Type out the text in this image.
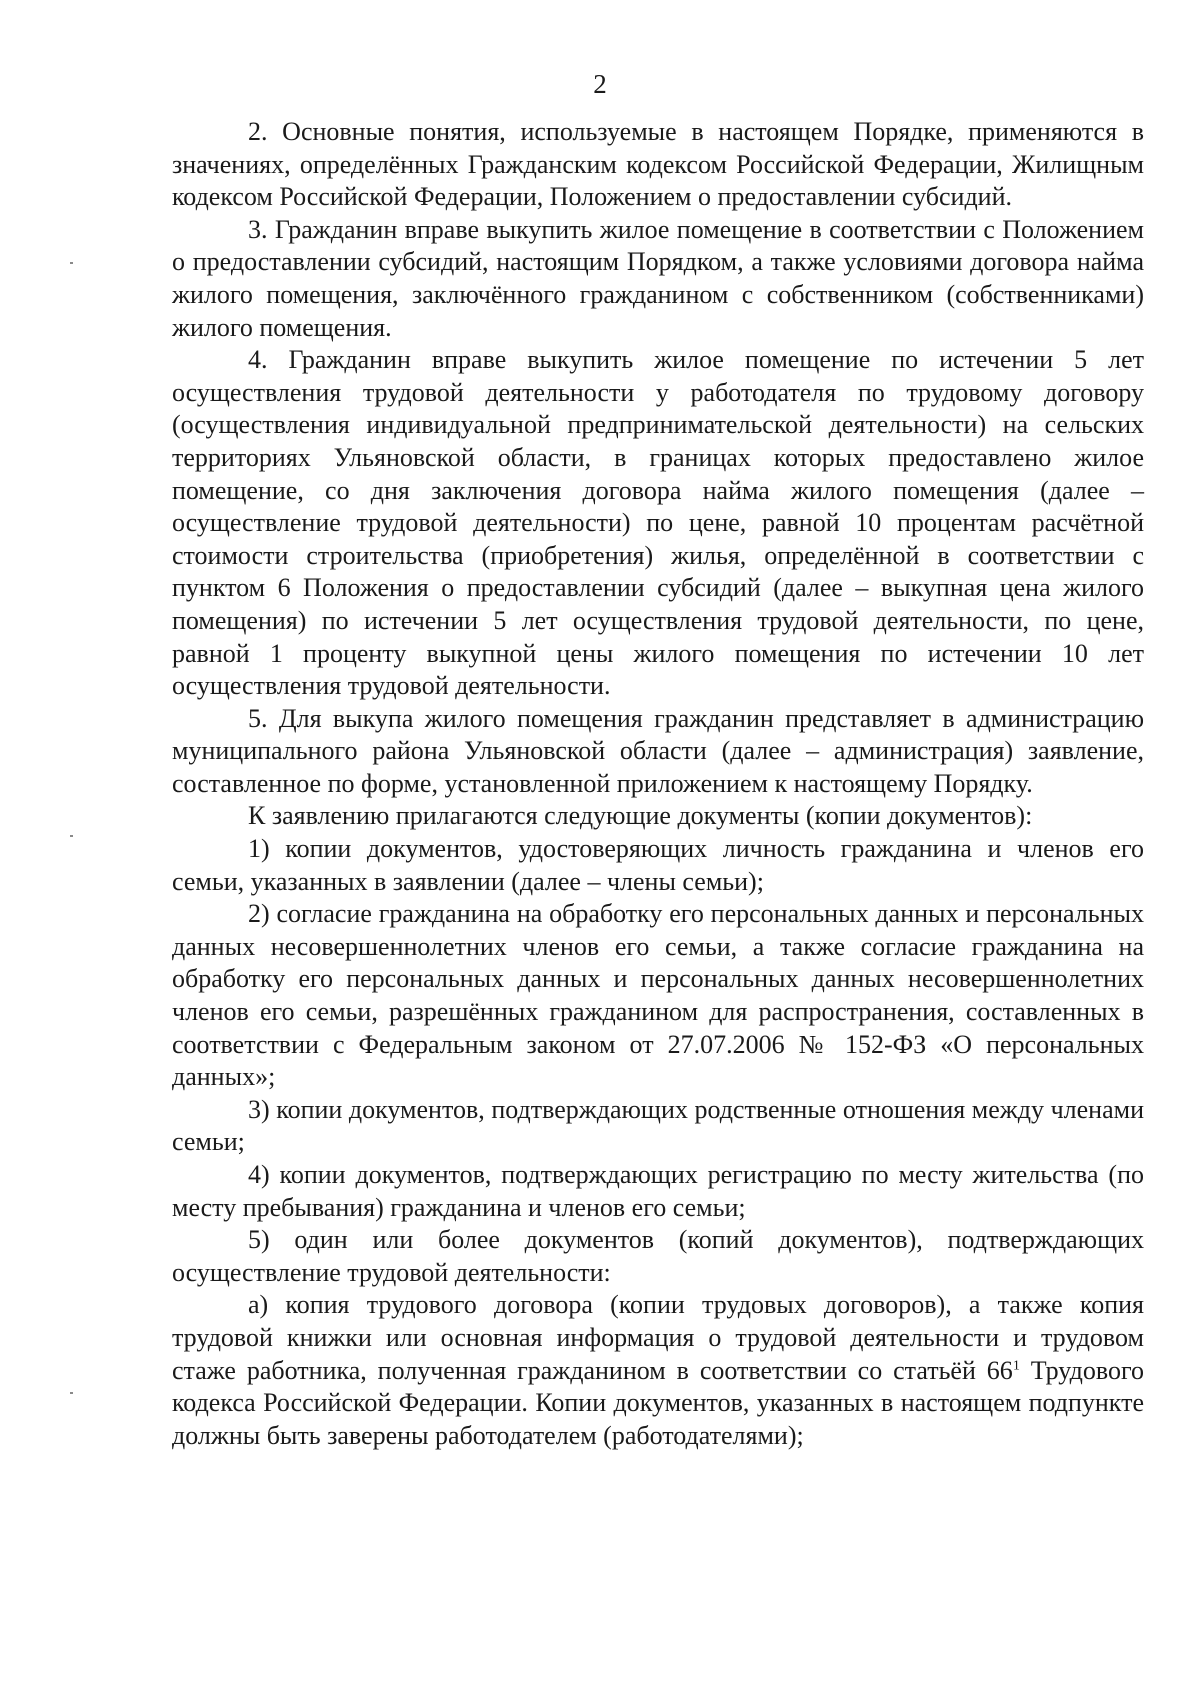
2

2. Основные понятия, используемые в настоящем Порядке, применяются в значениях, определённых Гражданским кодексом Российской Федерации, Жилищным кодексом Российской Федерации, Положением о предоставлении субсидий.

3. Гражданин вправе выкупить жилое помещение в соответствии с Положением о предоставлении субсидий, настоящим Порядком, а также условиями договора найма жилого помещения, заключённого гражданином с собственником (собственниками) жилого помещения.

4. Гражданин вправе выкупить жилое помещение по истечении 5 лет осуществления трудовой деятельности у работодателя по трудовому договору (осуществления индивидуальной предпринимательской деятельности) на сельских территориях Ульяновской области, в границах которых предоставлено жилое помещение, со дня заключения договора найма жилого помещения (далее – осуществление трудовой деятельности) по цене, равной 10 процентам расчётной стоимости строительства (приобретения) жилья, определённой в соответствии с пунктом 6 Положения о предоставлении субсидий (далее – выкупная цена жилого помещения) по истечении 5 лет осуществления трудовой деятельности, по цене, равной 1 проценту выкупной цены жилого помещения по истечении 10 лет осуществления трудовой деятельности.

5. Для выкупа жилого помещения гражданин представляет в администрацию муниципального района Ульяновской области (далее – администрация) заявление, составленное по форме, установленной приложением к настоящему Порядку.

К заявлению прилагаются следующие документы (копии документов):

1) копии документов, удостоверяющих личность гражданина и членов его семьи, указанных в заявлении (далее – члены семьи);

2) согласие гражданина на обработку его персональных данных и персональных данных несовершеннолетних членов его семьи, а также согласие гражданина на обработку его персональных данных и персональных данных несовершеннолетних членов его семьи, разрешённых гражданином для распространения, составленных в соответствии с Федеральным законом от 27.07.2006 № 152-ФЗ «О персональных данных»;

3) копии документов, подтверждающих родственные отношения между членами семьи;

4) копии документов, подтверждающих регистрацию по месту жительства (по месту пребывания) гражданина и членов его семьи;

5) один или более документов (копий документов), подтверждающих осуществление трудовой деятельности:

а) копия трудового договора (копии трудовых договоров), а также копия трудовой книжки или основная информация о трудовой деятельности и трудовом стаже работника, полученная гражданином в соответствии со статьёй $66^1$ Трудового кодекса Российской Федерации. Копии документов, указанных в настоящем подпункте должны быть заверены работодателем (работодателями);
